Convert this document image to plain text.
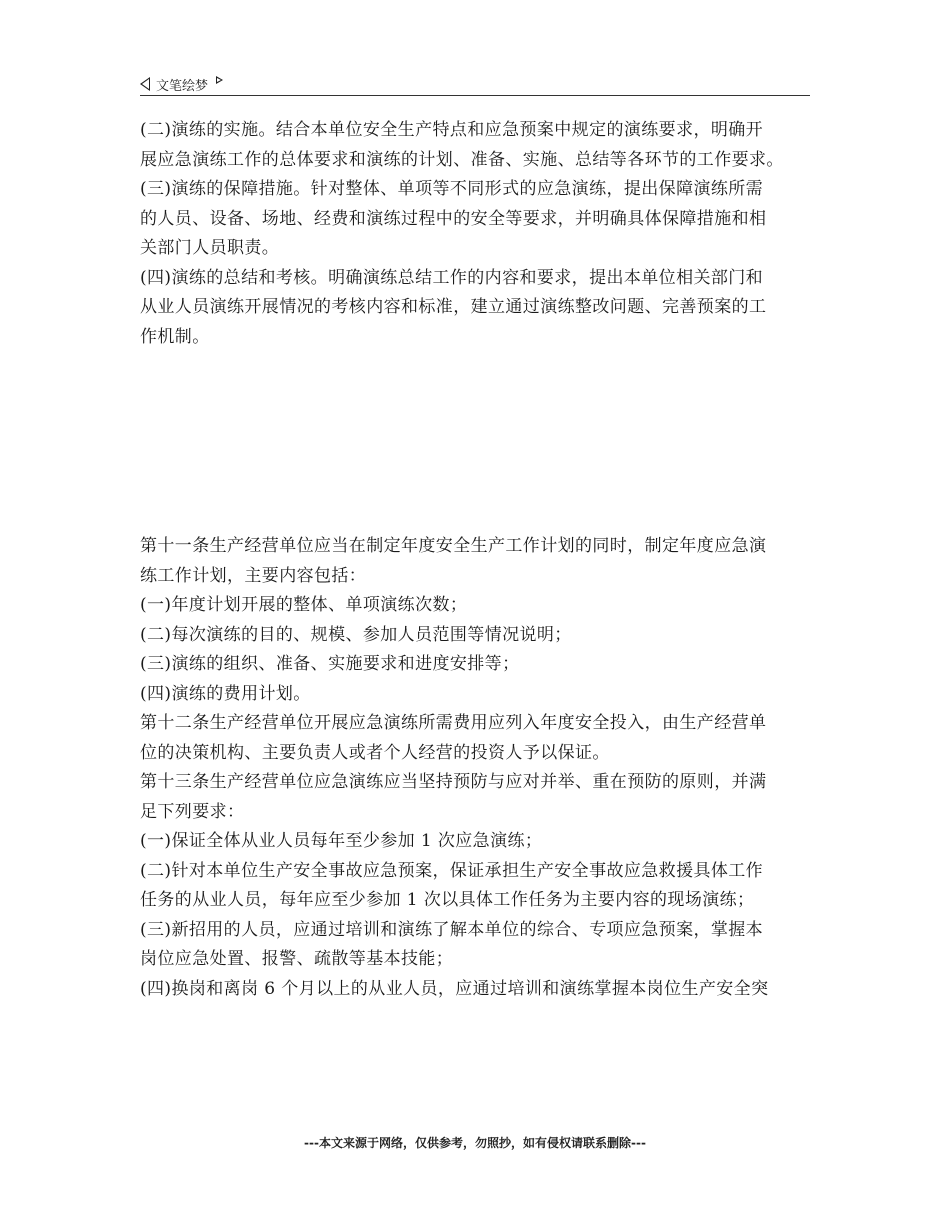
文笔绘梦

(二)演练的实施。结合本单位安全生产特点和应急预案中规定的演练要求，明确开

展应急演练工作的总体要求和演练的计划、准备、实施、总结等各环节的工作要求。

(三)演练的保障措施。针对整体、单项等不同形式的应急演练，提出保障演练所需

的人员、设备、场地、经费和演练过程中的安全等要求，并明确具体保障措施和相

关部门人员职责。

(四)演练的总结和考核。明确演练总结工作的内容和要求，提出本单位相关部门和

从业人员演练开展情况的考核内容和标准，建立通过演练整改问题、完善预案的工

作机制。

第十一条生产经营单位应当在制定年度安全生产工作计划的同时，制定年度应急演

练工作计划，主要内容包括：

(一)年度计划开展的整体、单项演练次数；

(二)每次演练的目的、规模、参加人员范围等情况说明；

(三)演练的组织、准备、实施要求和进度安排等；

(四)演练的费用计划。

第十二条生产经营单位开展应急演练所需费用应列入年度安全投入，由生产经营单

位的决策机构、主要负责人或者个人经营的投资人予以保证。

第十三条生产经营单位应急演练应当坚持预防与应对并举、重在预防的原则，并满

足下列要求：

(一)保证全体从业人员每年至少参加 1 次应急演练；

(二)针对本单位生产安全事故应急预案，保证承担生产安全事故应急救援具体工作

任务的从业人员，每年应至少参加 1 次以具体工作任务为主要内容的现场演练；

(三)新招用的人员，应通过培训和演练了解本单位的综合、专项应急预案，掌握本

岗位应急处置、报警、疏散等基本技能；

(四)换岗和离岗 6 个月以上的从业人员，应通过培训和演练掌握本岗位生产安全突

---本文来源于网络，仅供参考，勿照抄，如有侵权请联系删除---
